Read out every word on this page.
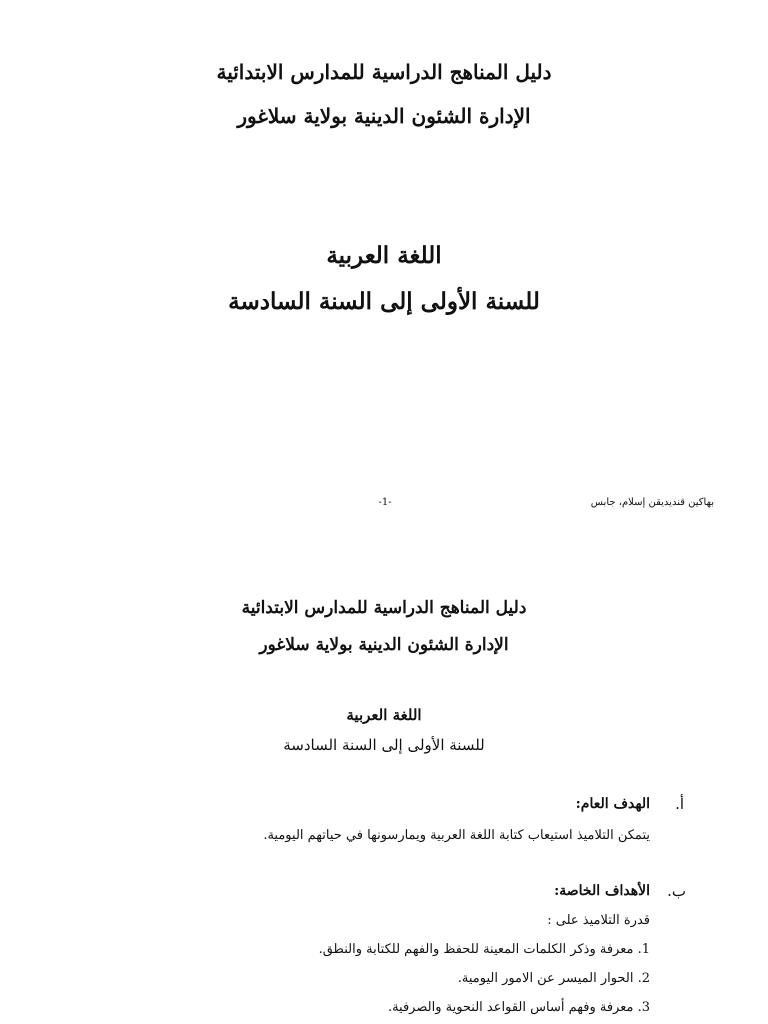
دليل المناهج الدراسية للمدارس الابتدائية
الإدارة الشئون الدينية بولاية سلاغور
اللغة العربية
للسنة الأولى إلى السنة السادسة
-1-	بهاكين قنديديقن إسلام، جابس
دليل المناهج الدراسية للمدارس الابتدائية
الإدارة الشئون الدينية بولاية سلاغور
اللغة العربية
للسنة الأولى إلى السنة السادسة
أ.
الهدف العام:
يتمكن التلاميذ استيعاب كتابة اللغة العربية ويمارسونها في حياتهم اليومية.
ب.
الأهداف الخاصة:
قدرة التلاميذ على :
1. معرفة وذكر الكلمات المعينة للحفظ والفهم للكتابة والنطق.
2. الحوار الميسر عن الامور اليومية.
3. معرفة وفهم أساس القواعد النحوية والصرفية.
